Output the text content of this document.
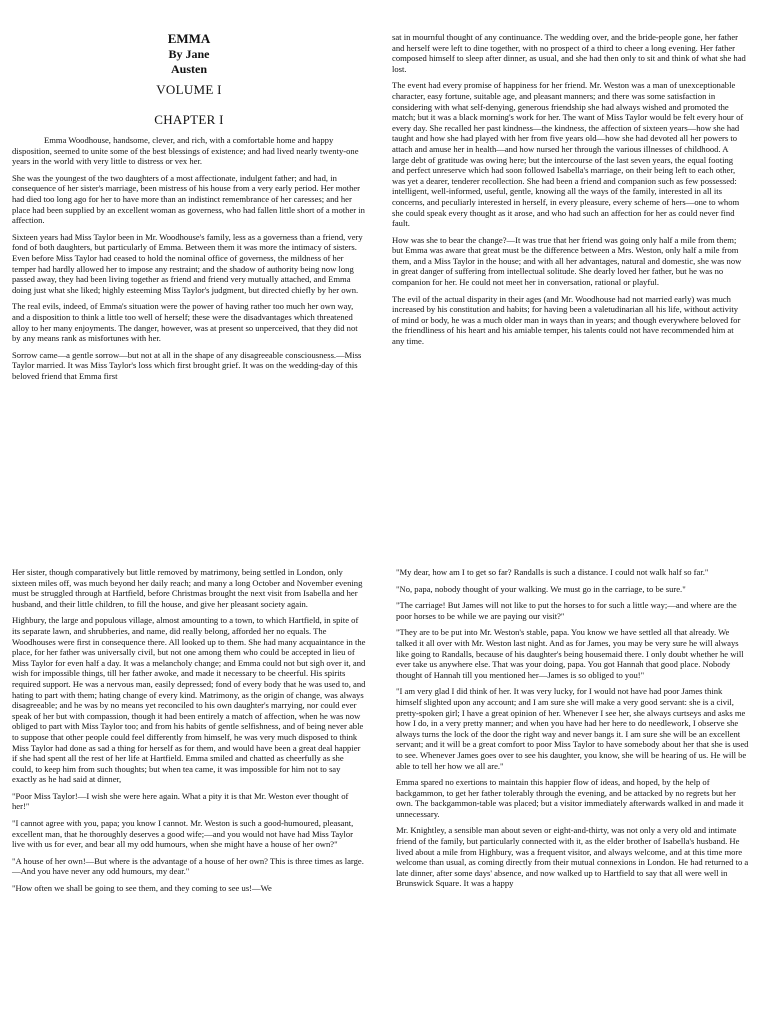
EMMA
By Jane
Austen
VOLUME I
CHAPTER I

Emma Woodhouse, handsome, clever, and rich, with a comfortable home and happy disposition, seemed to unite some of the best blessings of existence; and had lived nearly twenty-one years in the world with very little to distress or vex her.

She was the youngest of the two daughters of a most affectionate, indulgent father; and had, in consequence of her sister's marriage, been mistress of his house from a very early period. Her mother had died too long ago for her to have more than an indistinct remembrance of her caresses; and her place had been supplied by an excellent woman as governess, who had fallen little short of a mother in affection.

Sixteen years had Miss Taylor been in Mr. Woodhouse's family, less as a governess than a friend, very fond of both daughters, but particularly of Emma. Between them it was more the intimacy of sisters. Even before Miss Taylor had ceased to hold the nominal office of governess, the mildness of her temper had hardly allowed her to impose any restraint; and the shadow of authority being now long passed away, they had been living together as friend and friend very mutually attached, and Emma doing just what she liked; highly esteeming Miss Taylor's judgment, but directed chiefly by her own.

The real evils, indeed, of Emma's situation were the power of having rather too much her own way, and a disposition to think a little too well of herself; these were the disadvantages which threatened alloy to her many enjoyments. The danger, however, was at present so unperceived, that they did not by any means rank as misfortunes with her.

Sorrow came—a gentle sorrow—but not at all in the shape of any disagreeable consciousness.—Miss Taylor married. It was Miss Taylor's loss which first brought grief. It was on the wedding-day of this beloved friend that Emma first

sat in mournful thought of any continuance. The wedding over, and the bride-people gone, her father and herself were left to dine together, with no prospect of a third to cheer a long evening. Her father composed himself to sleep after dinner, as usual, and she had then only to sit and think of what she had lost.

The event had every promise of happiness for her friend. Mr. Weston was a man of unexceptionable character, easy fortune, suitable age, and pleasant manners; and there was some satisfaction in considering with what self-denying, generous friendship she had always wished and promoted the match; but it was a black morning's work for her. The want of Miss Taylor would be felt every hour of every day. She recalled her past kindness—the kindness, the affection of sixteen years—how she had taught and how she had played with her from five years old—how she had devoted all her powers to attach and amuse her in health—and how nursed her through the various illnesses of childhood. A large debt of gratitude was owing here; but the intercourse of the last seven years, the equal footing and perfect unreserve which had soon followed Isabella's marriage, on their being left to each other, was yet a dearer, tenderer recollection. She had been a friend and companion such as few possessed: intelligent, well-informed, useful, gentle, knowing all the ways of the family, interested in all its concerns, and peculiarly interested in herself, in every pleasure, every scheme of hers—one to whom she could speak every thought as it arose, and who had such an affection for her as could never find fault.

How was she to bear the change?—It was true that her friend was going only half a mile from them; but Emma was aware that great must be the difference between a Mrs. Weston, only half a mile from them, and a Miss Taylor in the house; and with all her advantages, natural and domestic, she was now in great danger of suffering from intellectual solitude. She dearly loved her father, but he was no companion for her. He could not meet her in conversation, rational or playful.

The evil of the actual disparity in their ages (and Mr. Woodhouse had not married early) was much increased by his constitution and habits; for having been a valetudinarian all his life, without activity of mind or body, he was a much older man in ways than in years; and though everywhere beloved for the friendliness of his heart and his amiable temper, his talents could not have recommended him at any time.

Her sister, though comparatively but little removed by matrimony, being settled in London, only sixteen miles off, was much beyond her daily reach; and many a long October and November evening must be struggled through at Hartfield, before Christmas brought the next visit from Isabella and her husband, and their little children, to fill the house, and give her pleasant society again.

Highbury, the large and populous village, almost amounting to a town, to which Hartfield, in spite of its separate lawn, and shrubberies, and name, did really belong, afforded her no equals. The Woodhouses were first in consequence there. All looked up to them. She had many acquaintance in the place, for her father was universally civil, but not one among them who could be accepted in lieu of Miss Taylor for even half a day. It was a melancholy change; and Emma could not but sigh over it, and wish for impossible things, till her father awoke, and made it necessary to be cheerful. His spirits required support. He was a nervous man, easily depressed; fond of every body that he was used to, and hating to part with them; hating change of every kind. Matrimony, as the origin of change, was always disagreeable; and he was by no means yet reconciled to his own daughter's marrying, nor could ever speak of her but with compassion, though it had been entirely a match of affection, when he was now obliged to part with Miss Taylor too; and from his habits of gentle selfishness, and of being never able to suppose that other people could feel differently from himself, he was very much disposed to think Miss Taylor had done as sad a thing for herself as for them, and would have been a great deal happier if she had spent all the rest of her life at Hartfield. Emma smiled and chatted as cheerfully as she could, to keep him from such thoughts; but when tea came, it was impossible for him not to say exactly as he had said at dinner,

"Poor Miss Taylor!—I wish she were here again. What a pity it is that Mr. Weston ever thought of her!"

"I cannot agree with you, papa; you know I cannot. Mr. Weston is such a good-humoured, pleasant, excellent man, that he thoroughly deserves a good wife;—and you would not have had Miss Taylor live with us for ever, and bear all my odd humours, when she might have a house of her own?"

"A house of her own!—But where is the advantage of a house of her own? This is three times as large.—And you have never any odd humours, my dear."

"How often we shall be going to see them, and they coming to see us!—We

"My dear, how am I to get so far? Randalls is such a distance. I could not walk half so far."

"No, papa, nobody thought of your walking. We must go in the carriage, to be sure."

"The carriage! But James will not like to put the horses to for such a little way;—and where are the poor horses to be while we are paying our visit?"

"They are to be put into Mr. Weston's stable, papa. You know we have settled all that already. We talked it all over with Mr. Weston last night. And as for James, you may be very sure he will always like going to Randalls, because of his daughter's being housemaid there. I only doubt whether he will ever take us anywhere else. That was your doing, papa. You got Hannah that good place. Nobody thought of Hannah till you mentioned her—James is so obliged to you!"

"I am very glad I did think of her. It was very lucky, for I would not have had poor James think himself slighted upon any account; and I am sure she will make a very good servant: she is a civil, pretty-spoken girl; I have a great opinion of her. Whenever I see her, she always curtseys and asks me how I do, in a very pretty manner; and when you have had her here to do needlework, I observe she always turns the lock of the door the right way and never bangs it. I am sure she will be an excellent servant; and it will be a great comfort to poor Miss Taylor to have somebody about her that she is used to see. Whenever James goes over to see his daughter, you know, she will be hearing of us. He will be able to tell her how we all are."

Emma spared no exertions to maintain this happier flow of ideas, and hoped, by the help of backgammon, to get her father tolerably through the evening, and be attacked by no regrets but her own. The backgammon-table was placed; but a visitor immediately afterwards walked in and made it unnecessary.

Mr. Knightley, a sensible man about seven or eight-and-thirty, was not only a very old and intimate friend of the family, but particularly connected with it, as the elder brother of Isabella's husband. He lived about a mile from Highbury, was a frequent visitor, and always welcome, and at this time more welcome than usual, as coming directly from their mutual connexions in London. He had returned to a late dinner, after some days' absence, and now walked up to Hartfield to say that all were well in Brunswick Square. It was a happy
